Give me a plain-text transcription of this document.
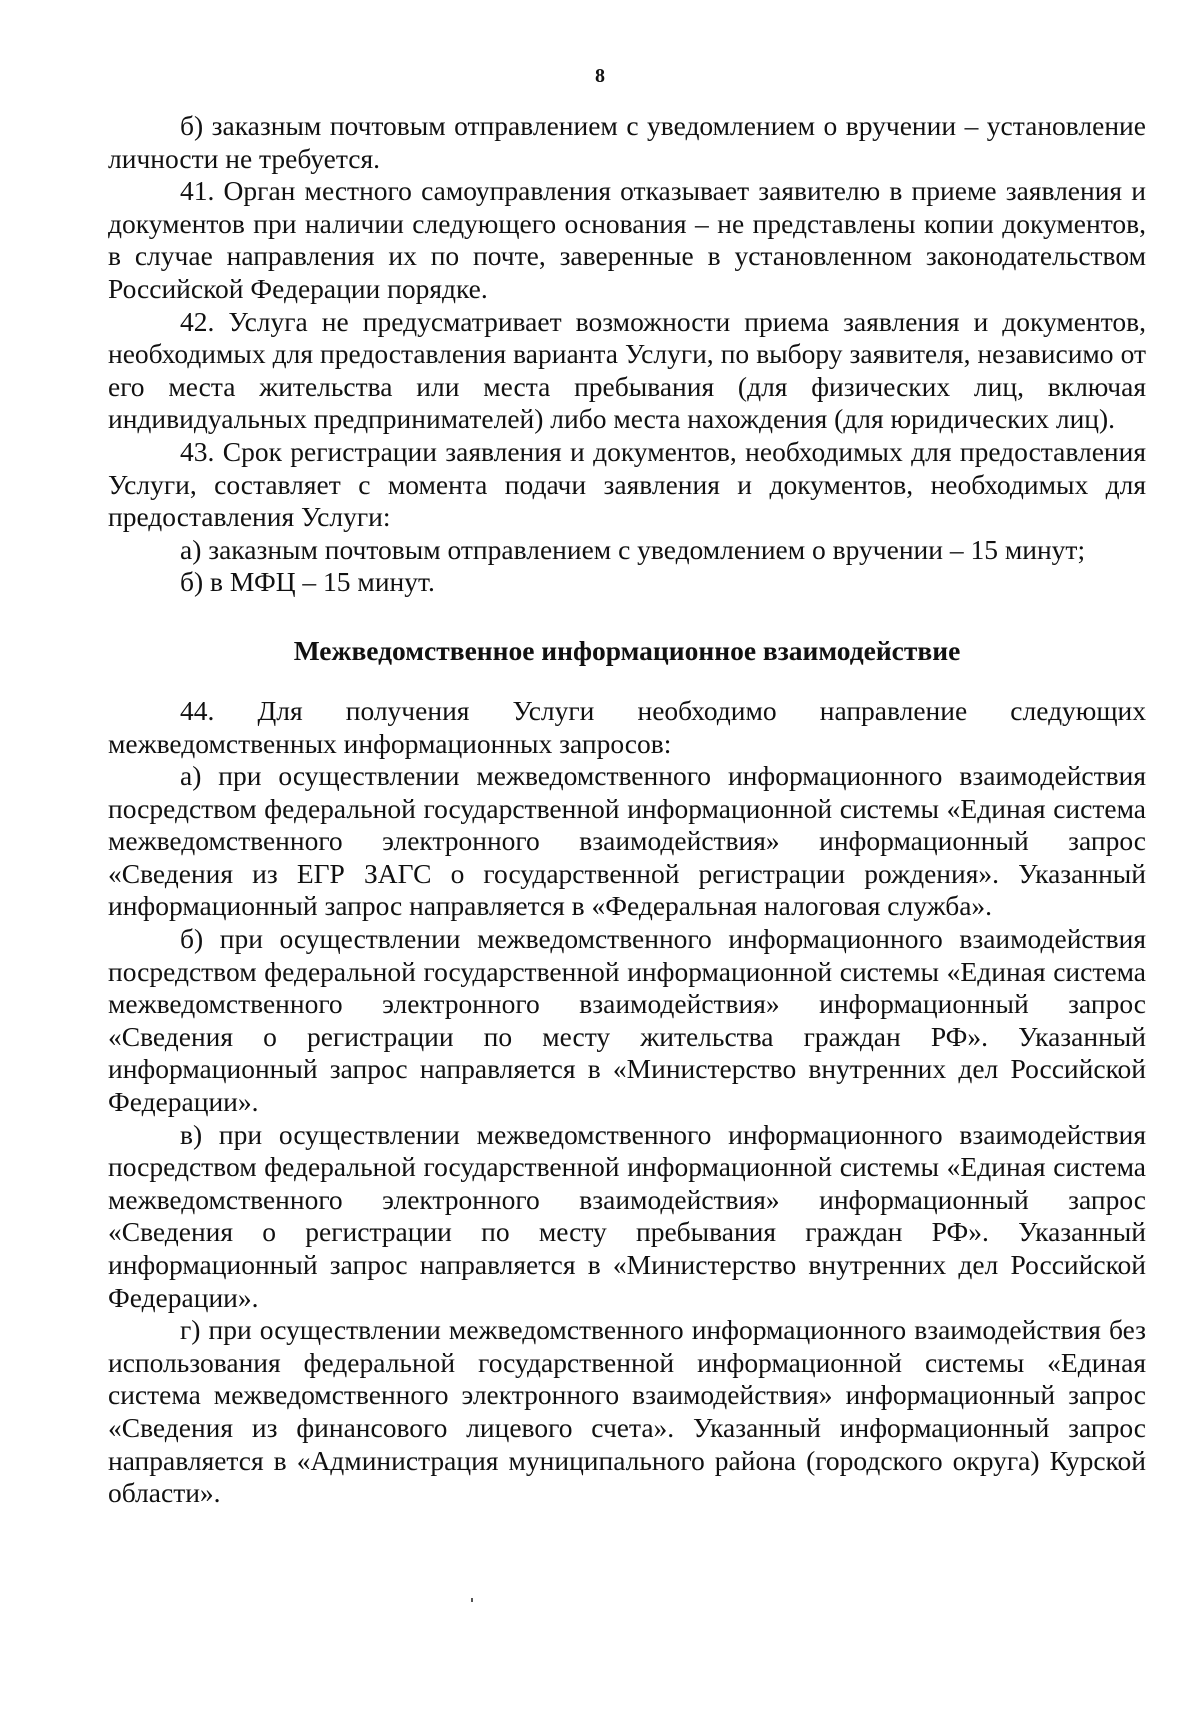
8

б) заказным почтовым отправлением с уведомлением о вручении – установление личности не требуется.

41. Орган местного самоуправления отказывает заявителю в приеме заявления и документов при наличии следующего основания – не представлены копии документов, в случае направления их по почте, заверенные в установленном законодательством Российской Федерации порядке.

42. Услуга не предусматривает возможности приема заявления и документов, необходимых для предоставления варианта Услуги, по выбору заявителя, независимо от его места жительства или места пребывания (для физических лиц, включая индивидуальных предпринимателей) либо места нахождения (для юридических лиц).

43. Срок регистрации заявления и документов, необходимых для предоставления Услуги, составляет с момента подачи заявления и документов, необходимых для предоставления Услуги:

а) заказным почтовым отправлением с уведомлением о вручении – 15 минут;

б) в МФЦ – 15 минут.

Межведомственное информационное взаимодействие

44. Для получения Услуги необходимо направление следующих межведомственных информационных запросов:

а) при осуществлении межведомственного информационного взаимодействия посредством федеральной государственной информационной системы «Единая система межведомственного электронного взаимодействия» информационный запрос «Сведения из ЕГР ЗАГС о государственной регистрации рождения». Указанный информационный запрос направляется в «Федеральная налоговая служба».

б) при осуществлении межведомственного информационного взаимодействия посредством федеральной государственной информационной системы «Единая система межведомственного электронного взаимодействия» информационный запрос «Сведения о регистрации по месту жительства граждан РФ». Указанный информационный запрос направляется в «Министерство внутренних дел Российской Федерации».

в) при осуществлении межведомственного информационного взаимодействия посредством федеральной государственной информационной системы «Единая система межведомственного электронного взаимодействия» информационный запрос «Сведения о регистрации по месту пребывания граждан РФ». Указанный информационный запрос направляется в «Министерство внутренних дел Российской Федерации».

г) при осуществлении межведомственного информационного взаимодействия без использования федеральной государственной информационной системы «Единая система межведомственного электронного взаимодействия» информационный запрос «Сведения из финансового лицевого счета». Указанный информационный запрос направляется в «Администрация муниципального района (городского округа) Курской области».
